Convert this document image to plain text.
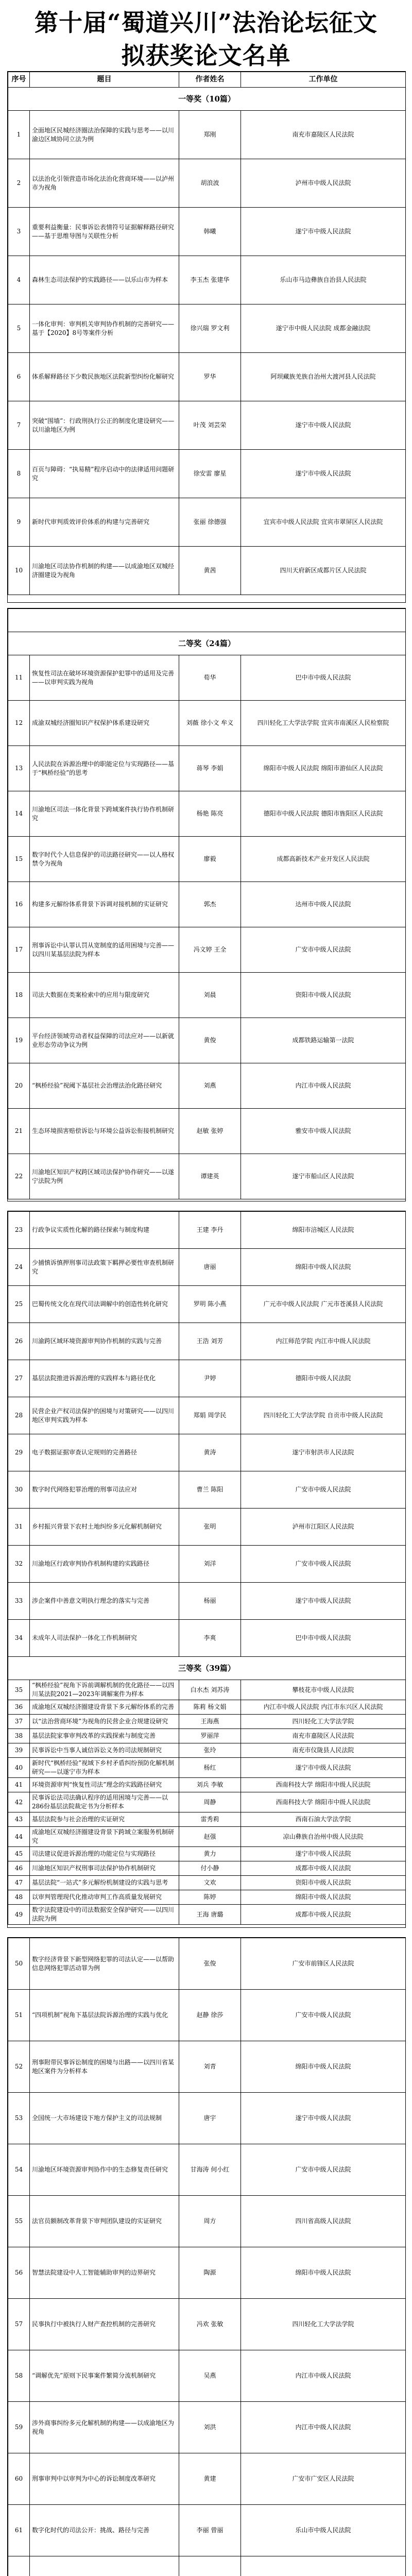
第十届“蜀道兴川”法治论坛征文
拟获奖论文名单
序号	题目	作者姓名	工作单位
一等奖（10篇）			
1	全面地区民城经济圈法治保障的实践与思考——以川渝边区域协同立法为例	郑刚	南充市嘉陵区人民法院
2	以法治化引领营造市场化法治化营商环境——以泸州市为视角	胡浪波	泸州市中级人民法院
3	重要利益衡量：民事诉讼表情符号证据解释路径研究——基于思维导图与关联性分析	韩曦	遂宁市中级人民法院
4	森林生态司法保护的实践路径——以乐山市为样本	李玉杰 张建华	乐山市马边彝族自治县人民法院
5	一体化审判：审判机关审判协作机制的完善研究——基于【2020】8号等案件分析	徐兴瑞 罗文利	遂宁市中级人民法院 成都金融法院
6	体系解释路径下少数民族地区法院新型纠纷化解研究	罗华	阿坝藏族羌族自治州大渡河县人民法院
7	突破“围墙”：行政刑执行公正的制度化建设研究——以川渝地区为例	叶茂 刘芸荣	遂宁市中级人民法院
8	百页与障碍：“执易精”程序启动中的法律适用问题研究	徐安雷 廖星	遂宁市中级人民法院
9	新时代审判质效评价体系的构建与完善研究	张丽 徐德强	宜宾市中级人民法院 宜宾市翠屏区人民法院
10	川渝地区司法协作机制的构建——以成渝地区双城经济圈建设为视角	黄茜	四川天府新区成都片区人民法院

二等奖（24篇）			
11	恢复性司法在破坏环境资源保护犯罪中的适用及完善——以审判实践为视角	荀华	巴中市中级人民法院
12	成渝双城经济圈知识产权保护体系建设研究	刘薇 徐小文 牟义	四川轻化工大学法学院 宜宾市南溪区人民检察院
13	人民法院在诉源治理中的职能定位与实现路径——基于“枫桥经验”的思考	蒋琴 李娟	绵阳市中级人民法院 绵阳市游仙区人民法院
14	川渝地区司法一体化背景下跨域案件执行协作机制研究	杨艳 陈亮	德阳市中级人民法院 德阳市旌阳区人民法院
15	数字时代个人信息保护的司法路径研究——以人格权禁令为视角	廖毅	成都高新技术产业开发区人民法院
16	构建多元解纷体系背景下诉调对接机制的实证研究	郭杰	达州市中级人民法院
17	刑事诉讼中认罪认罚从宽制度的适用困境与完善——以四川某基层法院为样本	冯文婷 王全	广安市中级人民法院
18	司法大数据在类案检索中的应用与限度研究	刘晨	资阳市中级人民法院
19	平台经济领域劳动者权益保障的司法应对——以新就业形态劳动争议为例	黄俊	成都铁路运输第一法院
20	“枫桥经验”视阈下基层社会治理法治化路径研究	刘燕	内江市中级人民法院
21	生态环境损害赔偿诉讼与环境公益诉讼衔接机制研究	赵敏 张婷	雅安市中级人民法院
22	川渝地区知识产权跨区域司法保护协作研究——以遂宁法院为例	谭建英	遂宁市船山区人民法院
23	行政争议实质性化解的路径探索与制度构建	王建 李丹	绵阳市涪城区人民法院
24	少捕慎诉慎押刑事司法政策下羁押必要性审查机制研究	唐丽	绵阳市中级人民法院
25	巴蜀传统文化在现代司法调解中的创造性转化研究	罗明 陈小燕	广元市中级人民法院 广元市苍溪县人民法院
26	川渝跨区域环境资源审判协作机制的实践与完善	王浩 刘芳	内江师范学院 内江市中级人民法院
27	基层法院推进诉源治理的实践样本与路径优化	尹婷	德阳市中级人民法院
28	民营企业产权司法保护的困境与对策研究——以四川地区审判实践为样本	郑娟 周学民	四川轻化工大学法学院 自贡市中级人民法院
29	电子数据证据审查认定规则的完善路径	黄涛	遂宁市射洪市人民法院
30	数字时代网络犯罪治理的刑事司法应对	曹兰 陈阳	广安市中级人民法院
31	乡村振兴背景下农村土地纠纷多元化解机制研究	张明	泸州市江阳区人民法院
32	川渝地区行政审判协作机制构建的实践路径	刘洋	广安市中级人民法院
33	涉企案件中善意文明执行理念的落实与完善	杨丽	遂宁市中级人民法院
34	未成年人司法保护一体化工作机制研究	李爽	巴中市中级人民法院
三等奖（39篇）			
35	“枫桥经验”视角下诉前调解机制的优化路径——以四川某法院2021—2023年调解案件为样本	白水杰 刘苏涛	攀枝花市中级人民法院
36	成渝地区双城经济圈建设背景下多元解纷体系的完善	陈莉 杨文娟	内江市中级人民法院 内江市东兴区人民法院
37	以“法治营商环境”为视角的民营企业合规建设研究	王海燕	四川轻化工大学法学院
38	基层法院家事审判改革的实践探索与制度完善	罗丽萍	南充市嘉陵区人民法院
39	民事诉讼中当事人诚信诉讼义务的司法规制研究	张玲	南充市仪陇县人民法院
40	新时代“枫桥经验”视域下乡村矛盾纠纷预防化解机制研究——以遂宁市为样本	杨红	遂宁市中级人民法院
41	环境资源审判“恢复性司法”理念的实践路径研究	刘兵 李敏	西南科技大学 绵阳市中级人民法院
42	民事诉讼法司法确认程序的适用困境与完善——以286份基层法院裁定书为分析样本	周静	西南科技大学 绵阳市中级人民法院
43	基层法院参与社会治理的实证研究	雷秀莉	西南石油大学法学院
44	成渝地区双城经济圈建设背景下跨域立案服务机制研究	赵强	凉山彝族自治州中级人民法院
45	司法建议促进诉源治理的功能定位与实现路径	黄力	遂宁市中级人民法院
46	川渝地区知识产权刑事司法保护协作机制研究	付小静	成都市中级人民法院
47	基层法院“一站式”多元解纷机制建设的实践与思考	文欢	资阳市中级人民法院
48	以审判管理现代化推动审判工作高质量发展研究	陈婷	绵阳市中级人民法院
49	数字法院建设中的司法数据安全保护研究——以四川法院为例	王海 唐璐	成都市中级人民法院
50	数字经济背景下新型网络犯罪的司法认定——以帮助信息网络犯罪活动罪为例	张俊	广安市前锋区人民法院
51	“四项机制”视角下基层法院诉源治理的实践与优化	赵静 徐莎	广安市中级人民法院
52	刑事附带民事诉讼制度的困境与出路——以四川省某地区案件为分析样本	刘青	绵阳市中级人民法院
53	全国统一大市场建设下地方保护主义的司法规制	唐宇	遂宁市中级人民法院
54	川渝地区环境资源审判协作中的生态修复责任研究	甘海涛 何小红	广安市中级人民法院
55	法官员额制改革背景下审判团队建设的实证研究	周方	四川省高级人民法院
56	智慧法院建设中人工智能辅助审判的边界研究	陶源	绵阳市中级人民法院
57	民事执行中被执行人财产查控机制的完善研究	冯欢 张敏	四川轻化工大学法学院
58	“调解优先”原则下民事案件繁简分流机制研究	吴燕	内江市中级人民法院
59	涉外商事纠纷多元化解机制的构建——以成渝地区为视角	刘洪	内江市中级人民法院
60	刑事审判中以审判为中心的诉讼制度改革研究	黄建	广安市广安区人民法院
61	数字化时代的司法公开：挑战、路径与完善	李丽 曾丽	乐山市中级人民法院
